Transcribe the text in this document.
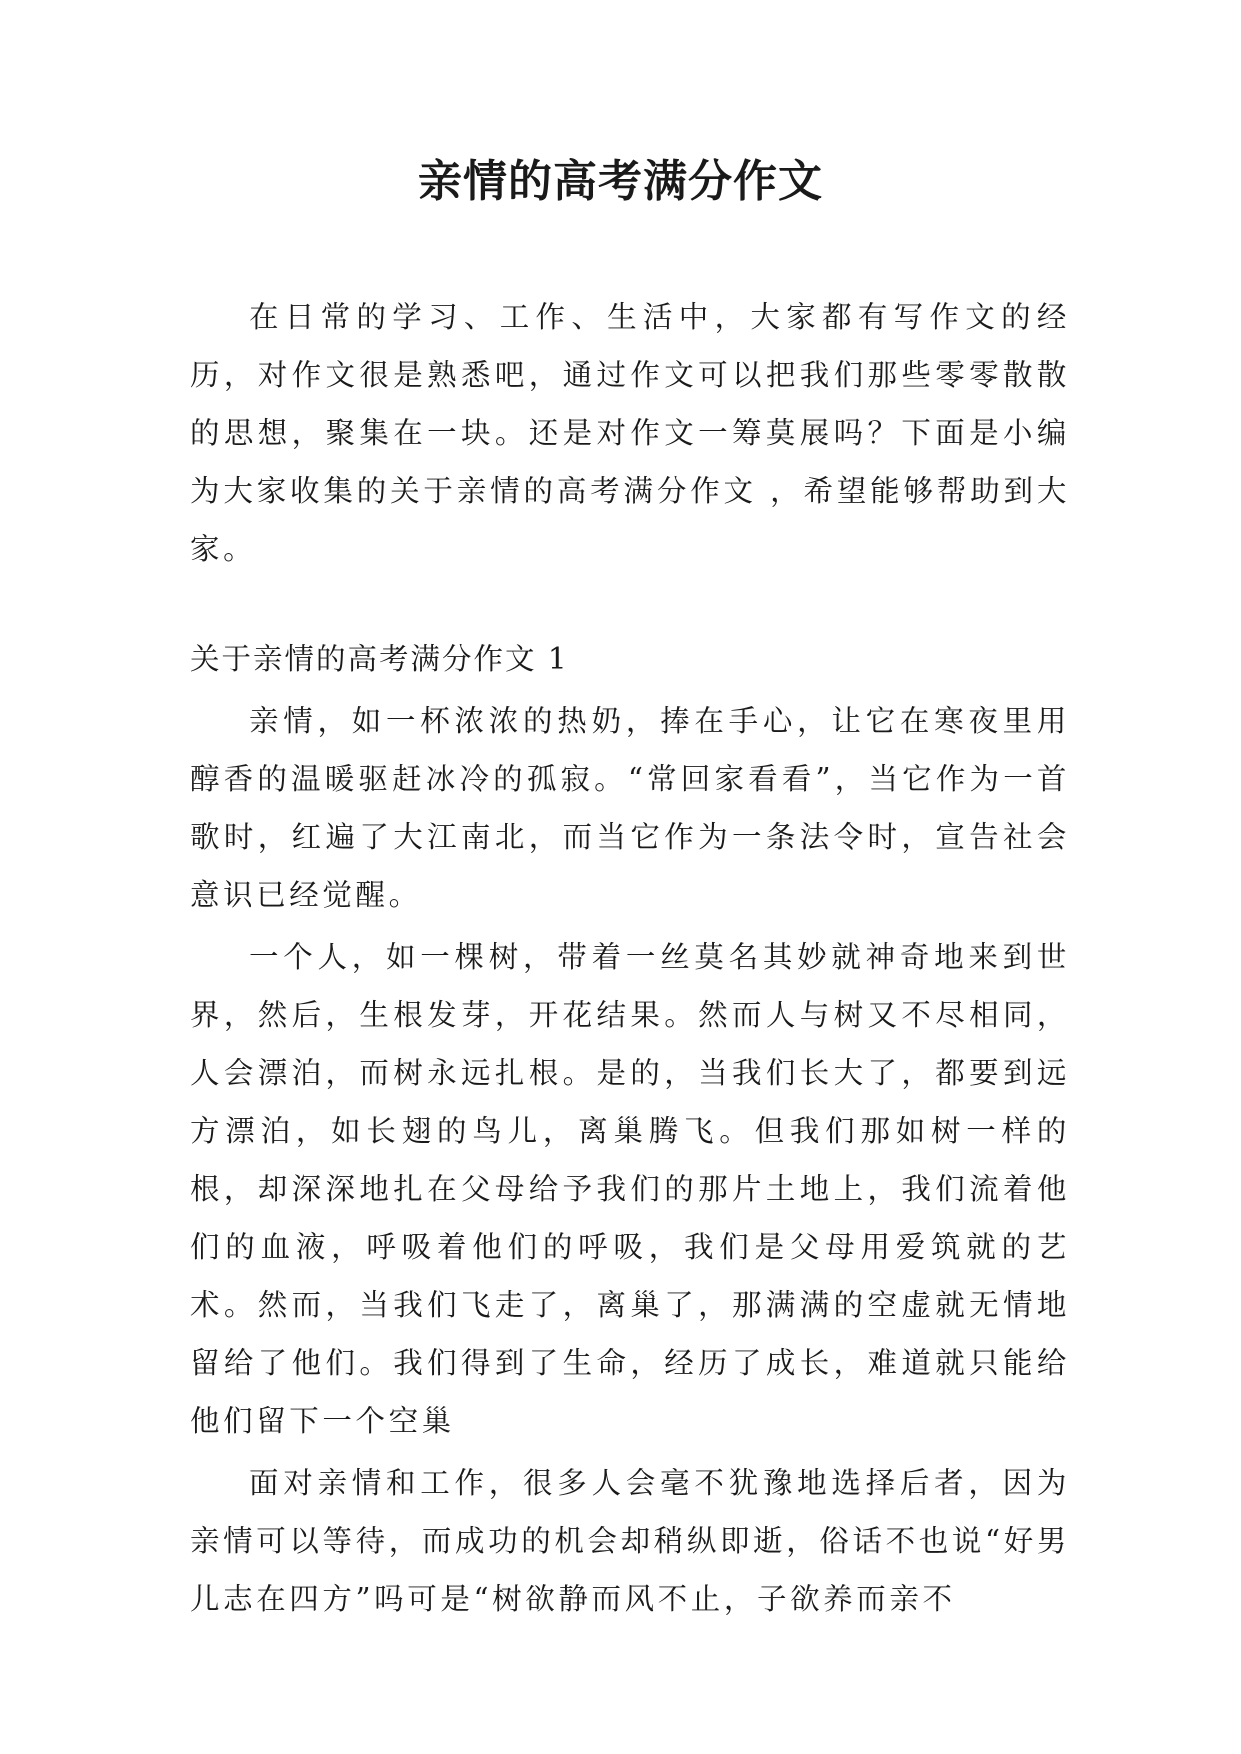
亲情的高考满分作文

在日常的学习、工作、生活中，大家都有写作文的经历，对作文很是熟悉吧，通过作文可以把我们那些零零散散的思想，聚集在一块。还是对作文一筹莫展吗？下面是小编为大家收集的关于亲情的高考满分作文 ，希望能够帮助到大家。

关于亲情的高考满分作文 1

亲情，如一杯浓浓的热奶，捧在手心，让它在寒夜里用醇香的温暖驱赶冰冷的孤寂。“常回家看看”，当它作为一首歌时，红遍了大江南北，而当它作为一条法令时，宣告社会意识已经觉醒。

一个人，如一棵树，带着一丝莫名其妙就神奇地来到世界，然后，生根发芽，开花结果。然而人与树又不尽相同，人会漂泊，而树永远扎根。是的，当我们长大了，都要到远方漂泊，如长翅的鸟儿，离巢腾飞。但我们那如树一样的根，却深深地扎在父母给予我们的那片土地上，我们流着他们的血液，呼吸着他们的呼吸，我们是父母用爱筑就的艺术。然而，当我们飞走了，离巢了，那满满的空虚就无情地留给了他们。我们得到了生命，经历了成长，难道就只能给他们留下一个空巢

面对亲情和工作，很多人会毫不犹豫地选择后者，因为亲情可以等待，而成功的机会却稍纵即逝，俗话不也说“好男儿志在四方”吗可是“树欲静而风不止，子欲养而亲不
